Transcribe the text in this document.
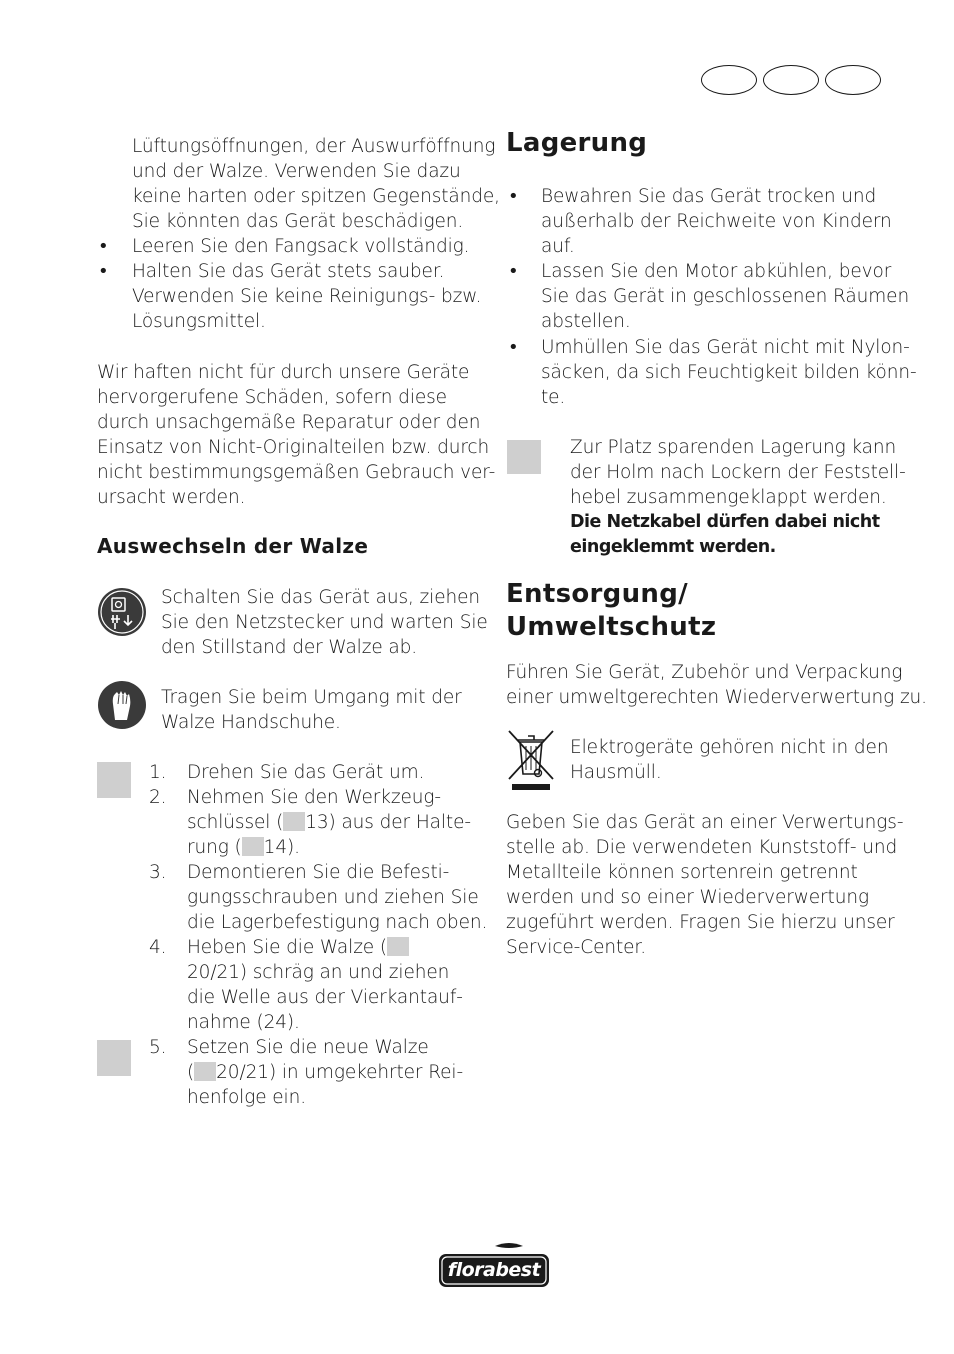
Lüftungsöffnungen, der Auswurföffnung
und der Walze. Verwenden Sie dazu
keine harten oder spitzen Gegenstände,
Sie könnten das Gerät beschädigen.
• Leeren Sie den Fangsack vollständig.
• Halten Sie das Gerät stets sauber.
Verwenden Sie keine Reinigungs- bzw.
Lösungsmittel.
Wir haften nicht für durch unsere Geräte
hervorgerufene Schäden, sofern diese
durch unsachgemäße Reparatur oder den
Einsatz von Nicht-Originalteilen bzw. durch
nicht bestimmungsgemäßen Gebrauch ver-
ursacht werden.
Auswechseln der Walze
Schalten Sie das Gerät aus, ziehen
Sie den Netzstecker und warten Sie
den Stillstand der Walze ab.
Tragen Sie beim Umgang mit der
Walze Handschuhe.
1. Drehen Sie das Gerät um.
2. Nehmen Sie den Werkzeug-
schlüssel ( 13) aus der Halte-
rung ( 14).
3. Demontieren Sie die Befesti-
gungsschrauben und ziehen Sie
die Lagerbefestigung nach oben.
4. Heben Sie die Walze (
20/21) schräg an und ziehen
die Welle aus der Vierkantauf-
nahme (24).
5. Setzen Sie die neue Walze
( 20/21) in umgekehrter Rei-
henfolge ein.
Lagerung
• Bewahren Sie das Gerät trocken und
außerhalb der Reichweite von Kindern
auf.
• Lassen Sie den Motor abkühlen, bevor
Sie das Gerät in geschlossenen Räumen
abstellen.
• Umhüllen Sie das Gerät nicht mit Nylon-
säcken, da sich Feuchtigkeit bilden könn-
te.
Zur Platz sparenden Lagerung kann
der Holm nach Lockern der Feststell-
hebel zusammengeklappt werden.
Die Netzkabel dürfen dabei nicht
eingeklemmt werden.
Entsorgung/
Umweltschutz
Führen Sie Gerät, Zubehör und Verpackung
einer umweltgerechten Wiederverwertung zu.
Elektrogeräte gehören nicht in den
Hausmüll.
Geben Sie das Gerät an einer Verwertungs-
stelle ab. Die verwendeten Kunststoff- und
Metallteile können sortenrein getrennt
werden und so einer Wiederverwertung
zugeführt werden. Fragen Sie hierzu unser
Service-Center.
florabest
